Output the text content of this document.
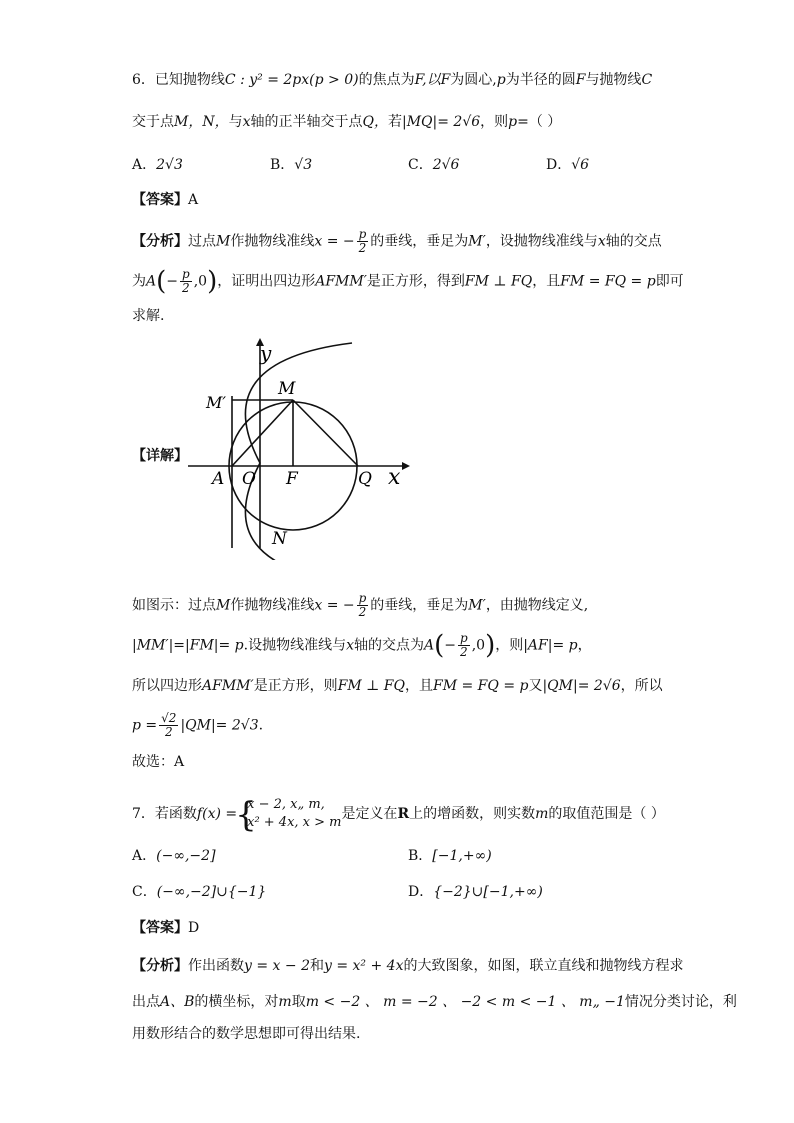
6．已知抛物线C : y² = 2px(p > 0)的焦点为F,以F为圆心,p为半径的圆F与抛物线C
交于点M，N，与x轴的正半轴交于点Q，若|MQ|= 2√6，则p=（ ）
A．2√3	B．√3	C．2√6	D．√6
【答案】A
【分析】过点M作抛物线准线x = − $\frac{p}{2}$ 的垂线，垂足为M′，设抛物线准线与x轴的交点
为$A(- \frac{p}{2} ,0)$，证明出四边形AFMM′是正方形，得到FM ⊥ FQ，且FM = FQ = p即可
求解.
【详解】
y
x
M
M′
A O F	Q
N
如图示：过点M作抛物线准线x = − $\frac{p}{2}$ 的垂线，垂足为M′，由抛物线定义,
|MM′|=|FM|= p.设抛物线准线与x轴的交点为$A(- \frac{p}{2} ,0)$，则|AF|= p，
所以四边形AFMM′是正方形，则FM ⊥ FQ，且FM = FQ = p又|QM|= 2√6，所以
$p = \frac{√2}{2} |QM|= 2√3$.
故选：A
7．若函数f(x) =
{ x − 2, x„ m,
x² + 4x, x > m
是定义在R上的增函数，则实数m的取值范围是（ ）
A．(−∞,−2]	B．[−1,+∞)
C．(−∞,−2]∪{−1}	D．{−2}∪[−1,+∞)
【答案】D
【分析】作出函数y = x − 2和y = x² + 4x的大致图象，如图，联立直线和抛物线方程求
出点A、B的横坐标，对m取m < −2 、 m = −2 、 −2 < m < −1 、 m„ −1情况分类讨论，利
用数形结合的数学思想即可得出结果.
